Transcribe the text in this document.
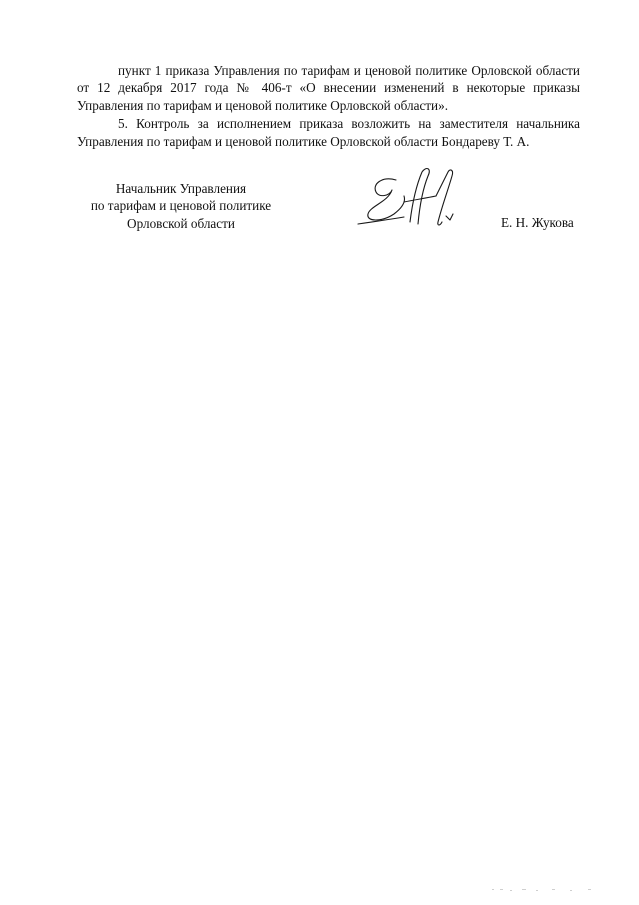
пункт 1 приказа Управления по тарифам и ценовой политике Орловской области от 12 декабря 2017 года № 406-т «О внесении изменений в некоторые приказы Управления по тарифам и ценовой политике Орловской области».

5. Контроль за исполнением приказа возложить на заместителя начальника Управления по тарифам и ценовой политике Орловской области Бондареву Т. А.

Начальник Управления
по тарифам и ценовой политике
Орловской области	Е. Н. Жукова
